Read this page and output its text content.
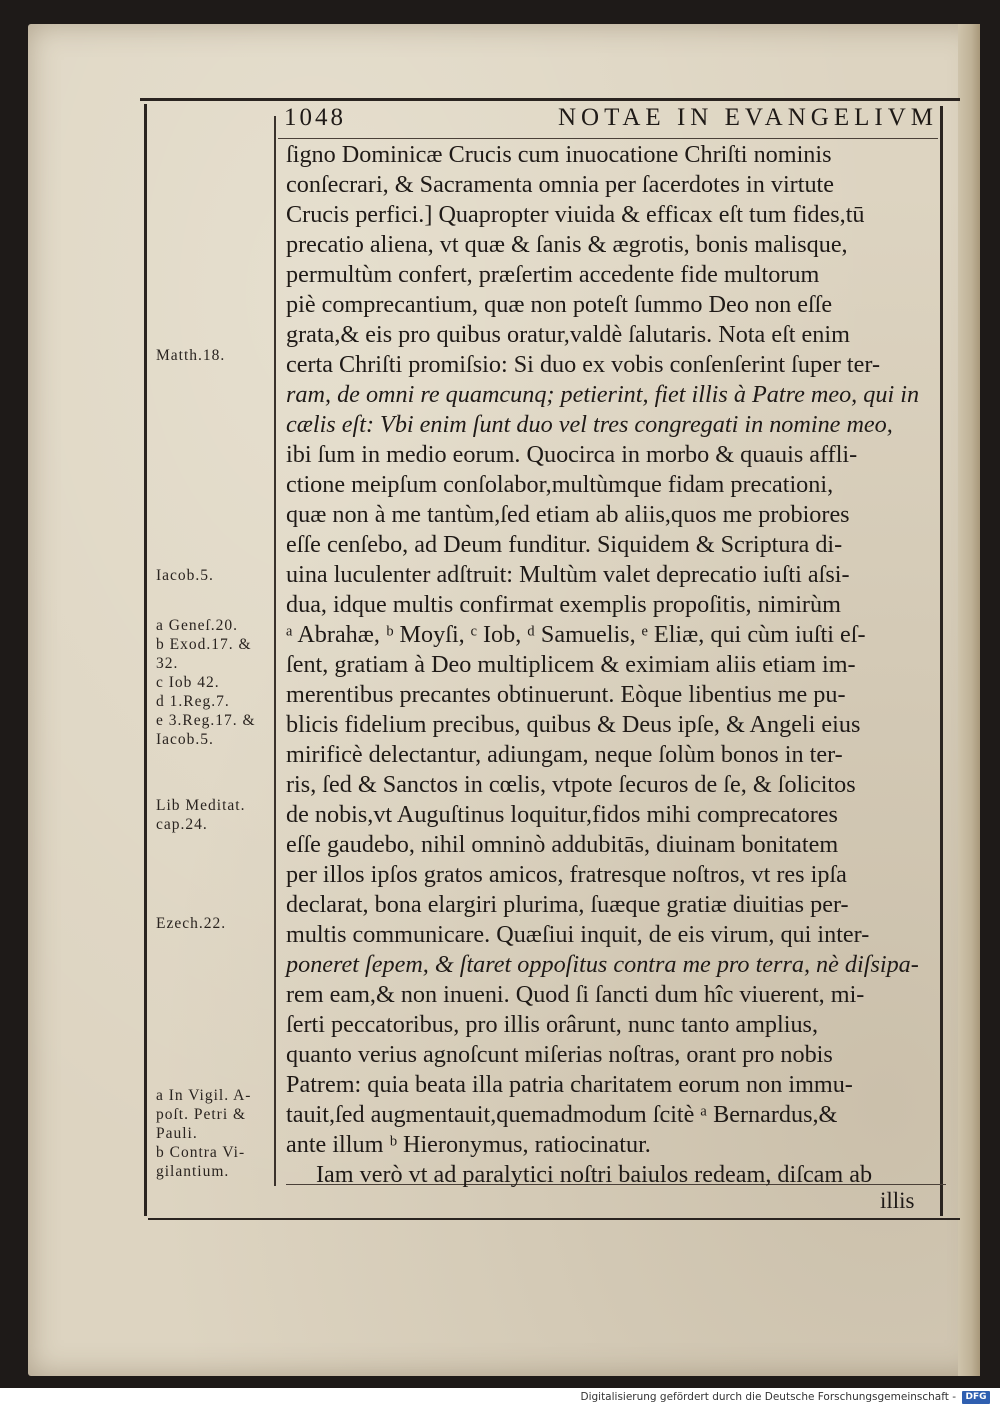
1048	NOTAE IN EVANGELIVM
Matth.18.
Iacob.5.
a Geneſ.20.
b Exod.17. &
32.
c Iob 42.
d 1.Reg.7.
e 3.Reg.17. &
Iacob.5.
Lib Meditat.
cap.24.
Ezech.22.
a In Vigil. A-
poſt. Petri &
Pauli.
b Contra Vi-
gilantium.
ſigno Dominicæ Crucis cum inuocatione Chriſti nominis
conſecrari, & Sacramenta omnia per ſacerdotes in virtute
Crucis perfici.] Quapropter viuida & efficax eſt tum fides,tū
precatio aliena, vt quæ & ſanis & ægrotis, bonis malisque,
permultùm confert, præſertim accedente fide multorum
piè comprecantium, quæ non poteſt ſummo Deo non eſſe
grata,& eis pro quibus oratur,valdè ſalutaris. Nota eſt enim
certa Chriſti promiſsio: Si duo ex vobis conſenſerint ſuper ter-
ram, de omni re quamcunq; petierint, fiet illis à Patre meo, qui in
cælis eſt: Vbi enim ſunt duo vel tres congregati in nomine meo,
ibi ſum in medio eorum. Quocirca in morbo & quauis affli-
ctione meipſum conſolabor,multùmque fidam precationi,
quæ non à me tantùm,ſed etiam ab aliis,quos me probiores
eſſe cenſebo, ad Deum funditur. Siquidem & Scriptura di-
uina luculenter adſtruit: Multùm valet deprecatio iuſti aſsi-
dua, idque multis confirmat exemplis propoſitis, nimirùm
ᵃ Abrahæ, ᵇ Moyſi, ᶜ Iob, ᵈ Samuelis, ᵉ Eliæ, qui cùm iuſti eſ-
ſent, gratiam à Deo multiplicem & eximiam aliis etiam im-
merentibus precantes obtinuerunt. Eòque libentius me pu-
blicis fidelium precibus, quibus & Deus ipſe, & Angeli eius
mirificè delectantur, adiungam, neque ſolùm bonos in ter-
ris, ſed & Sanctos in cœlis, vtpote ſecuros de ſe, & ſolicitos
de nobis,vt Auguſtinus loquitur,fidos mihi comprecatores
eſſe gaudebo, nihil omninò addubitās, diuinam bonitatem
per illos ipſos gratos amicos, fratresque noſtros, vt res ipſa
declarat, bona elargiri plurima, ſuæque gratiæ diuitias per-
multis communicare. Quæſiui inquit, de eis virum, qui inter-
poneret ſepem, & ſtaret oppoſitus contra me pro terra, nè diſsipa-
rem eam,& non inueni. Quod ſi ſancti dum hîc viuerent, mi-
ſerti peccatoribus, pro illis orârunt, nunc tanto amplius,
quanto verius agnoſcunt miſerias noſtras, orant pro nobis
Patrem: quia beata illa patria charitatem eorum non immu-
tauit,ſed augmentauit,quemadmodum ſcitè ᵃ Bernardus,&
ante illum ᵇ Hieronymus, ratiocinatur.
Iam verò vt ad paralytici noſtri baiulos redeam, diſcam ab
illis
Digitalisierung gefördert durch die Deutsche Forschungsgemeinschaft -	DFG
